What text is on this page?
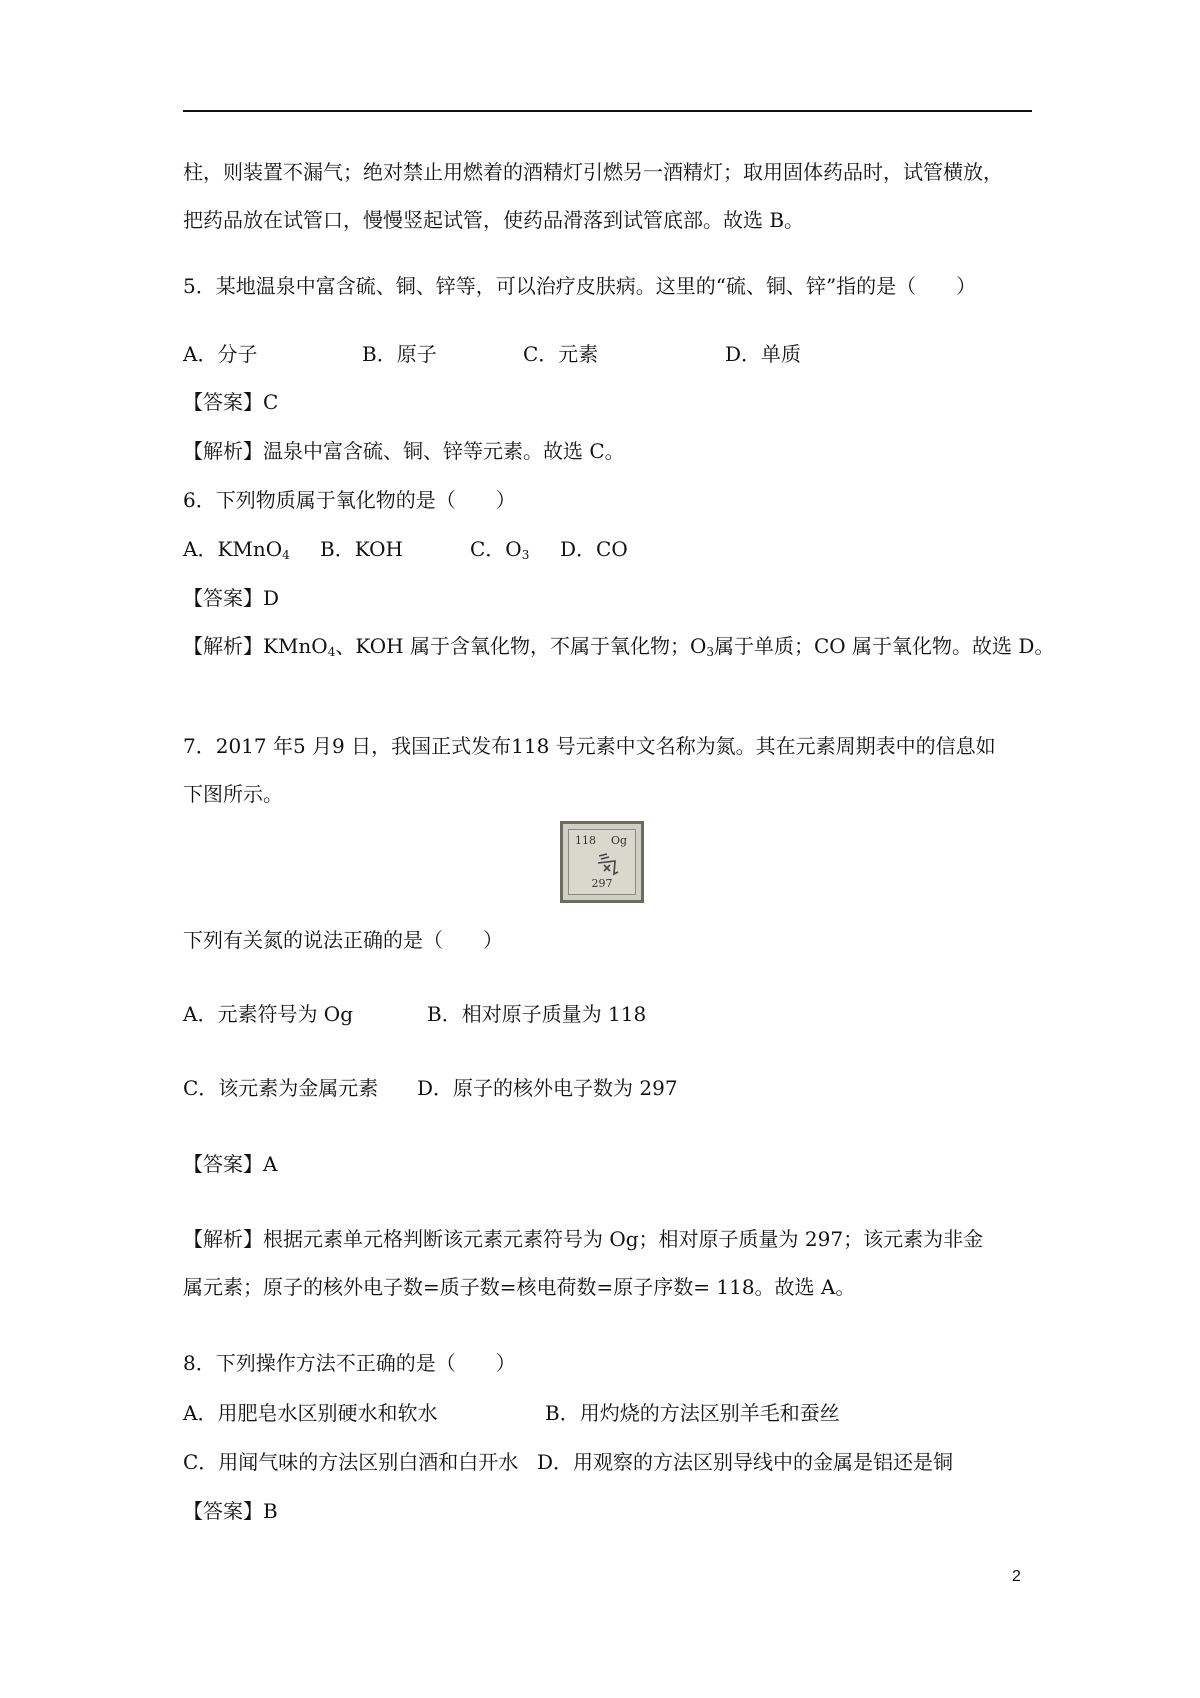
柱，则装置不漏气；绝对禁止用燃着的酒精灯引燃另一酒精灯；取用固体药品时，试管横放，
把药品放在试管口，慢慢竖起试管，使药品滑落到试管底部。故选 B。
5．某地温泉中富含硫、铜、锌等，可以治疗皮肤病。这里的“硫、铜、锌”指的是（　　）
A．分子	B．原子	C．元素	D．单质
【答案】C
【解析】温泉中富含硫、铜、锌等元素。故选 C。
6．下列物质属于氧化物的是（　　）
A．KMnO$_4$ B．KOH	C．$O_3$ D．CO
【答案】D
【解析】KMnO$_4$、KOH 属于含氧化物，不属于氧化物；$O_3$属于单质；CO 属于氧化物。故选 D。
7．2017 年5 月9 日，我国正式发布118 号元素中文名称为氮。其在元素周期表中的信息如
下图所示。
118 Og
297
下列有关氮的说法正确的是（　　）
A．元素符号为 Og	B．相对原子质量为 118
C．该元素为金属元素 D．原子的核外电子数为 297
【答案】A
【解析】根据元素单元格判断该元素元素符号为 Og；相对原子质量为 297；该元素为非金
属元素；原子的核外电子数=质子数=核电荷数=原子序数= 118。故选 A。
8．下列操作方法不正确的是（　　）
A．用肥皂水区别硬水和软水	B．用灼烧的方法区别羊毛和蚕丝
C．用闻气味的方法区别白酒和白开水 D．用观察的方法区别导线中的金属是铝还是铜
【答案】B
2
